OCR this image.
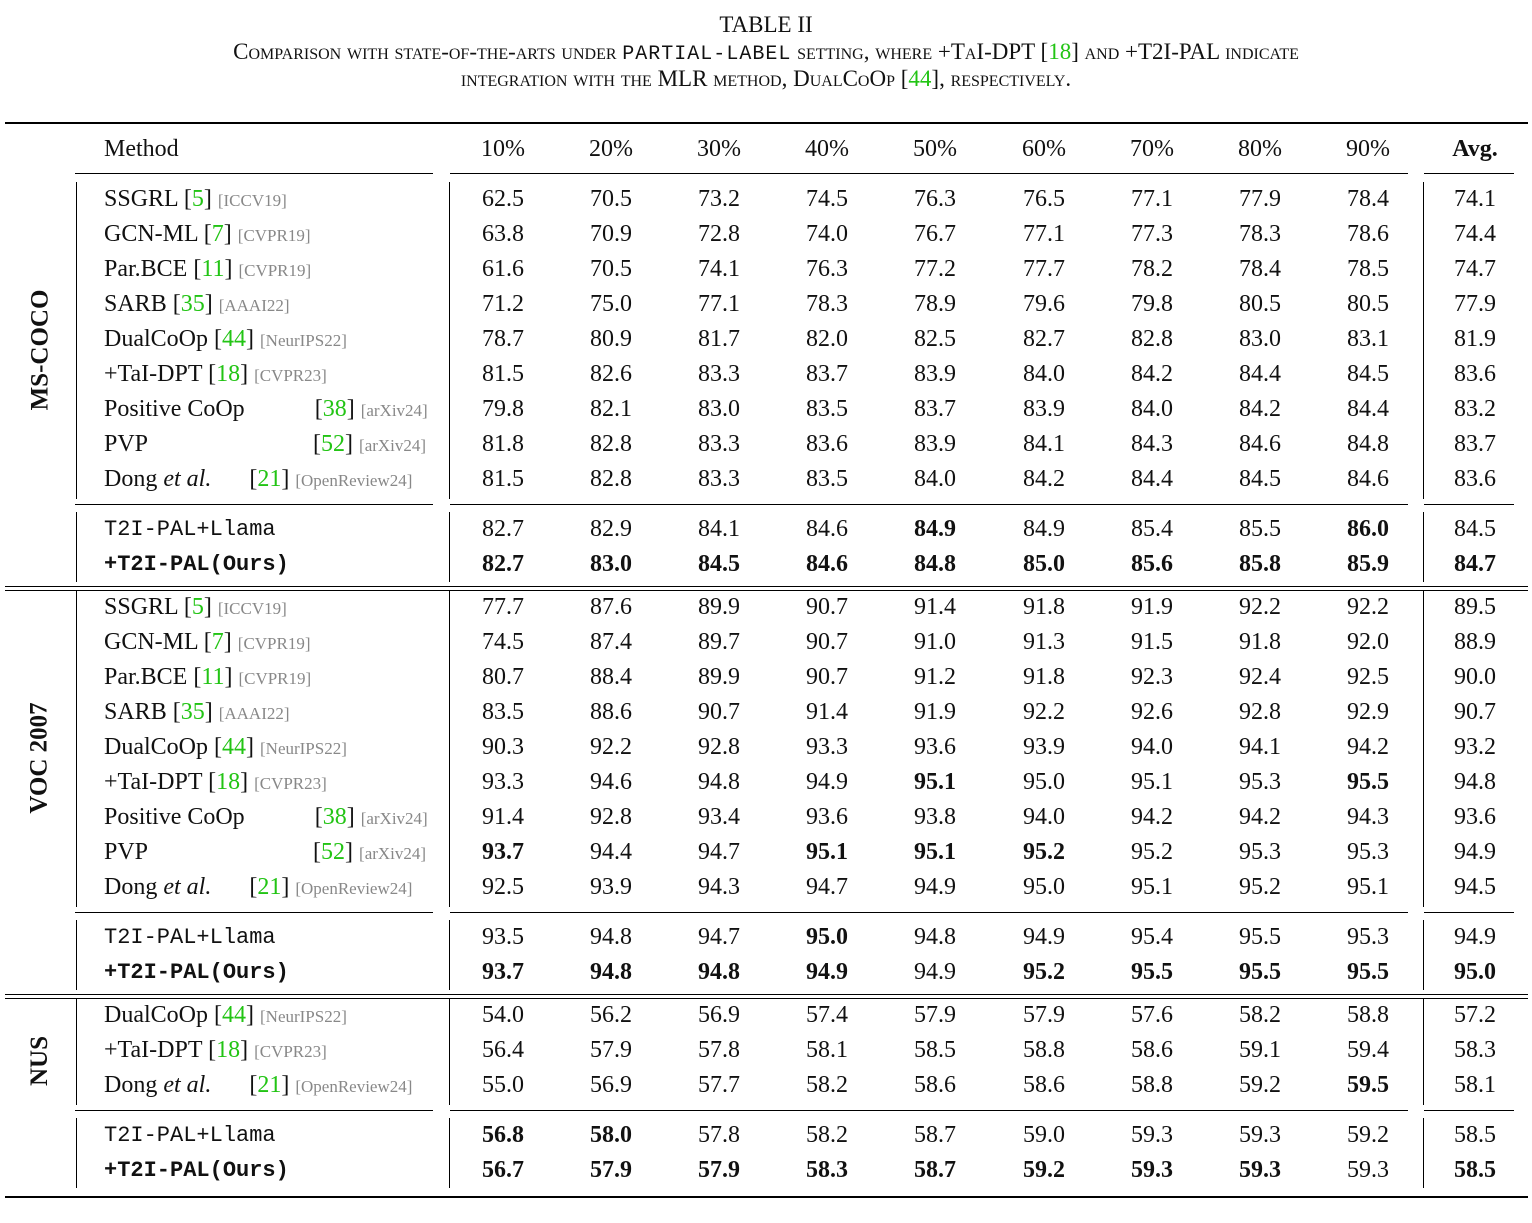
TABLE II
Comparison with state-of-the-arts under PARTIAL-LABEL setting, where +TaI-DPT [18] and +T2I-PAL indicate
integration with the MLR method, DualCoOp [44], respectively.
Method	10%	20%	30%	40%	50%	60%	70%	80%	90%	Avg.
MS-COCO
SSGRL [5] [ICCV19]	62.5	70.5	73.2	74.5	76.3	76.5	77.1	77.9	78.4	74.1
GCN-ML [7] [CVPR19]	63.8	70.9	72.8	74.0	76.7	77.1	77.3	78.3	78.6	74.4
Par.BCE [11] [CVPR19]	61.6	70.5	74.1	76.3	77.2	77.7	78.2	78.4	78.5	74.7
SARB [35] [AAAI22]	71.2	75.0	77.1	78.3	78.9	79.6	79.8	80.5	80.5	77.9
DualCoOp [44] [NeurIPS22]	78.7	80.9	81.7	82.0	82.5	82.7	82.8	83.0	83.1	81.9
+TaI-DPT [18] [CVPR23]	81.5	82.6	83.3	83.7	83.9	84.0	84.2	84.4	84.5	83.6
Positive CoOp	[38] [arXiv24]	79.8	82.1	83.0	83.5	83.7	83.9	84.0	84.2	84.4	83.2
PVP	[52] [arXiv24]	81.8	82.8	83.3	83.6	83.9	84.1	84.3	84.6	84.8	83.7
Dong et al. [21] [OpenReview24]	81.5	82.8	83.3	83.5	84.0	84.2	84.4	84.5	84.6	83.6
T2I-PAL+Llama	82.7	82.9	84.1	84.6	84.9	84.9	85.4	85.5	86.0	84.5
+T2I-PAL(Ours)	82.7	83.0	84.5	84.6	84.8	85.0	85.6	85.8	85.9	84.7
VOC 2007
SSGRL [5] [ICCV19]	77.7	87.6	89.9	90.7	91.4	91.8	91.9	92.2	92.2	89.5
GCN-ML [7] [CVPR19]	74.5	87.4	89.7	90.7	91.0	91.3	91.5	91.8	92.0	88.9
Par.BCE [11] [CVPR19]	80.7	88.4	89.9	90.7	91.2	91.8	92.3	92.4	92.5	90.0
SARB [35] [AAAI22]	83.5	88.6	90.7	91.4	91.9	92.2	92.6	92.8	92.9	90.7
DualCoOp [44] [NeurIPS22]	90.3	92.2	92.8	93.3	93.6	93.9	94.0	94.1	94.2	93.2
+TaI-DPT [18] [CVPR23]	93.3	94.6	94.8	94.9	95.1	95.0	95.1	95.3	95.5	94.8
Positive CoOp	[38] [arXiv24]	91.4	92.8	93.4	93.6	93.8	94.0	94.2	94.2	94.3	93.6
PVP	[52] [arXiv24]	93.7	94.4	94.7	95.1	95.1	95.2	95.2	95.3	95.3	94.9
Dong et al. [21] [OpenReview24]	92.5	93.9	94.3	94.7	94.9	95.0	95.1	95.2	95.1	94.5
T2I-PAL+Llama	93.5	94.8	94.7	95.0	94.8	94.9	95.4	95.5	95.3	94.9
+T2I-PAL(Ours)	93.7	94.8	94.8	94.9	94.9	95.2	95.5	95.5	95.5	95.0
NUS
DualCoOp [44] [NeurIPS22]	54.0	56.2	56.9	57.4	57.9	57.9	57.6	58.2	58.8	57.2
+TaI-DPT [18] [CVPR23]	56.4	57.9	57.8	58.1	58.5	58.8	58.6	59.1	59.4	58.3
Dong et al. [21] [OpenReview24]	55.0	56.9	57.7	58.2	58.6	58.6	58.8	59.2	59.5	58.1
T2I-PAL+Llama	56.8	58.0	57.8	58.2	58.7	59.0	59.3	59.3	59.2	58.5
+T2I-PAL(Ours)	56.7	57.9	57.9	58.3	58.7	59.2	59.3	59.3	59.3	58.5
